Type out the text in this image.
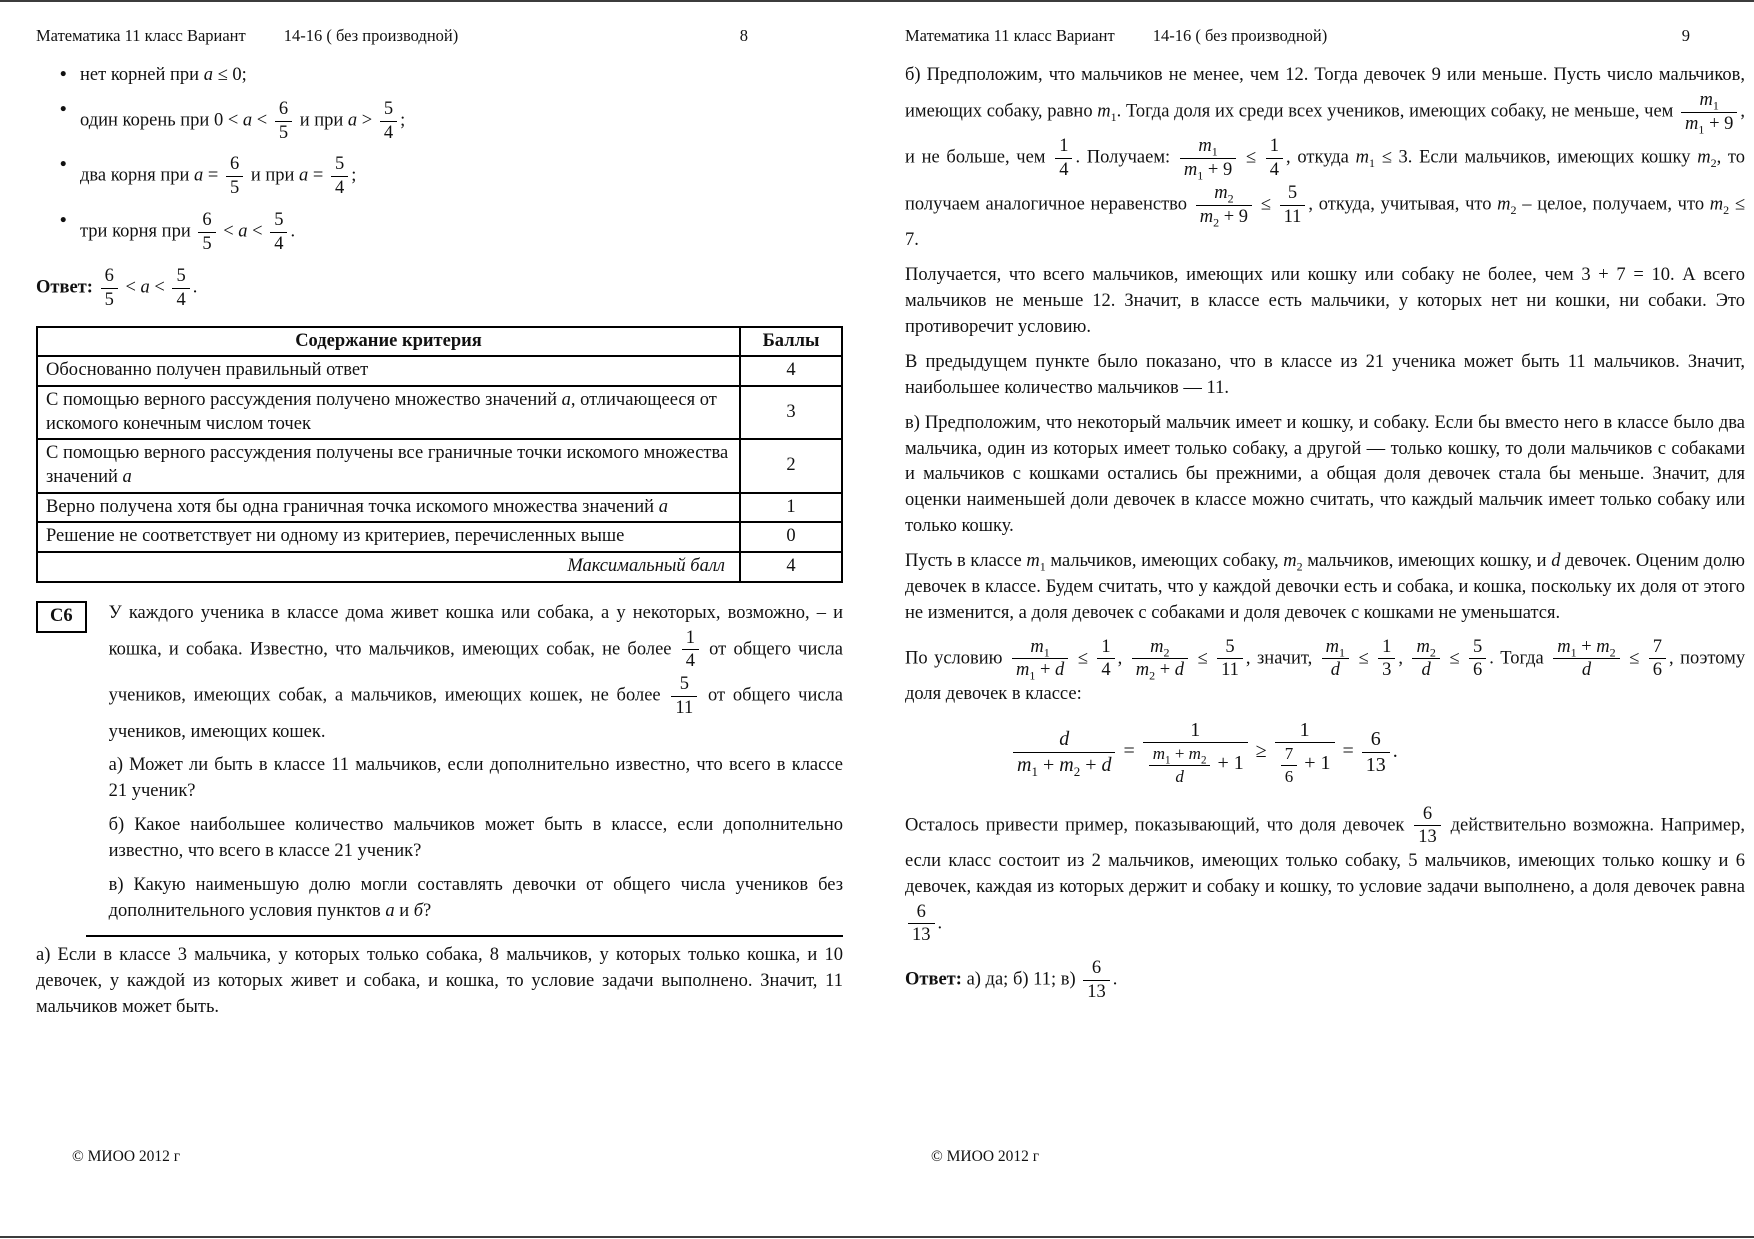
Математика 11 класс Вариант 14-16 ( без производной)	8
• нет корней при a ≤ 0;
• один корень при $0 < a < \frac{6}{5}$ и при $a > \frac{5}{4}$ ;
• два корня при $a = \frac{6}{5}$ и при $a = \frac{5}{4}$ ;
• три корня при $\frac{6}{5} < a < \frac{5}{4}$ .

Ответ: $\frac{6}{5} < a < \frac{5}{4}$ .

Содержание критерия	Баллы
Обоснованно получен правильный ответ	4
С помощью верного рассуждения получено множество значений a, отличающееся от искомого конечным числом точек	3
С помощью верного рассуждения получены все граничные точки искомого множества значений a	2
Верно получена хотя бы одна граничная точка искомого множества значений a	1
Решение не соответствует ни одному из критериев, перечисленных выше	0
Максимальный балл	4
С6	У каждого ученика в классе дома живет кошка или собака, а у некоторых, возможно, – и кошка, и собака. Известно, что мальчиков, имеющих собак, не более $\frac{1}{4}$ от общего числа учеников, имеющих собак, а мальчиков, имеющих кошек, не более $\frac{5}{11}$ от общего числа учеников, имеющих кошек.

а) Может ли быть в классе 11 мальчиков, если дополнительно известно, что всего в классе 21 ученик?

б) Какое наибольшее количество мальчиков может быть в классе, если дополнительно известно, что всего в классе 21 ученик?

в) Какую наименьшую долю могли составлять девочки от общего числа учеников без дополнительного условия пунктов а и б?

а) Если в классе 3 мальчика, у которых только собака, 8 мальчиков, у которых только кошка, и 10 девочек, у каждой из которых живет и собака, и кошка, то условие задачи выполнено. Значит, 11 мальчиков может быть.

© МИОО 2012 г
Математика 11 класс Вариант 14-16 ( без производной)	9

б) Предположим, что мальчиков не менее, чем 12. Тогда девочек 9 или меньше. Пусть число мальчиков, имеющих собаку, равно $m_1$. Тогда доля их среди всех учеников, имеющих собаку, не меньше, чем $\frac{m_1}{m_1 + 9}$ , и не больше, чем $\frac{1}{4}$ . Получаем: $\frac{m_1}{m_1 + 9} \le \frac{1}{4}$ , откуда $m_1 \le 3$. Если мальчиков, имеющих кошку $m_2$, то получаем аналогичное неравенство $\frac{m_2}{m_2 + 9} \le \frac{5}{11}$ , откуда, учитывая, что $m_2$ – целое, получаем, что $m_2 \le 7$.

Получается, что всего мальчиков, имеющих или кошку или собаку не более, чем 3 + 7 = 10. А всего мальчиков не меньше 12. Значит, в классе есть мальчики, у которых нет ни кошки, ни собаки. Это противоречит условию.

В предыдущем пункте было показано, что в классе из 21 ученика может быть 11 мальчиков. Значит, наибольшее количество мальчиков — 11.

в) Предположим, что некоторый мальчик имеет и кошку, и собаку. Если бы вместо него в классе было два мальчика, один из которых имеет только собаку, а другой — только кошку, то доли мальчиков с собаками и мальчиков с кошками остались бы прежними, а общая доля девочек стала бы меньше. Значит, для оценки наименьшей доли девочек в классе можно считать, что каждый мальчик имеет только собаку или только кошку.

Пусть в классе $m_1$ мальчиков, имеющих собаку, $m_2$ мальчиков, имеющих кошку, и d девочек. Оценим долю девочек в классе. Будем считать, что у каждой девочки есть и собака, и кошка, поскольку их доля от этого не изменится, а доля девочек с собаками и доля девочек с кошками не уменьшатся.

По условию $\frac{m_1}{m_1 + d} \le \frac{1}{4}$ , $\frac{m_2}{m_2 + d} \le \frac{5}{11}$ , значит, $\frac{m_1}{d} \le \frac{1}{3}$ , $\frac{m_2}{d} \le \frac{5}{6}$ . Тогда $\frac{m_1 + m_2}{d} \le \frac{7}{6}$ , поэтому доля девочек в классе:

$\frac{d}{m_1 + m_2 + d} = \frac{1}{\frac{m_1 + m_2}{d} + 1} \ge \frac{1}{\frac{7}{6} + 1} = \frac{6}{13}$ .

Осталось привести пример, показывающий, что доля девочек $\frac{6}{13}$ действительно возможна. Например, если класс состоит из 2 мальчиков, имеющих только собаку, 5 мальчиков, имеющих только кошку и 6 девочек, каждая из которых держит и собаку и кошку, то условие задачи выполнено, а доля девочек равна
$\frac{6}{13}$ .

Ответ: а) да; б) 11; $в) \frac{6}{13}$ .

© МИОО 2012 г
